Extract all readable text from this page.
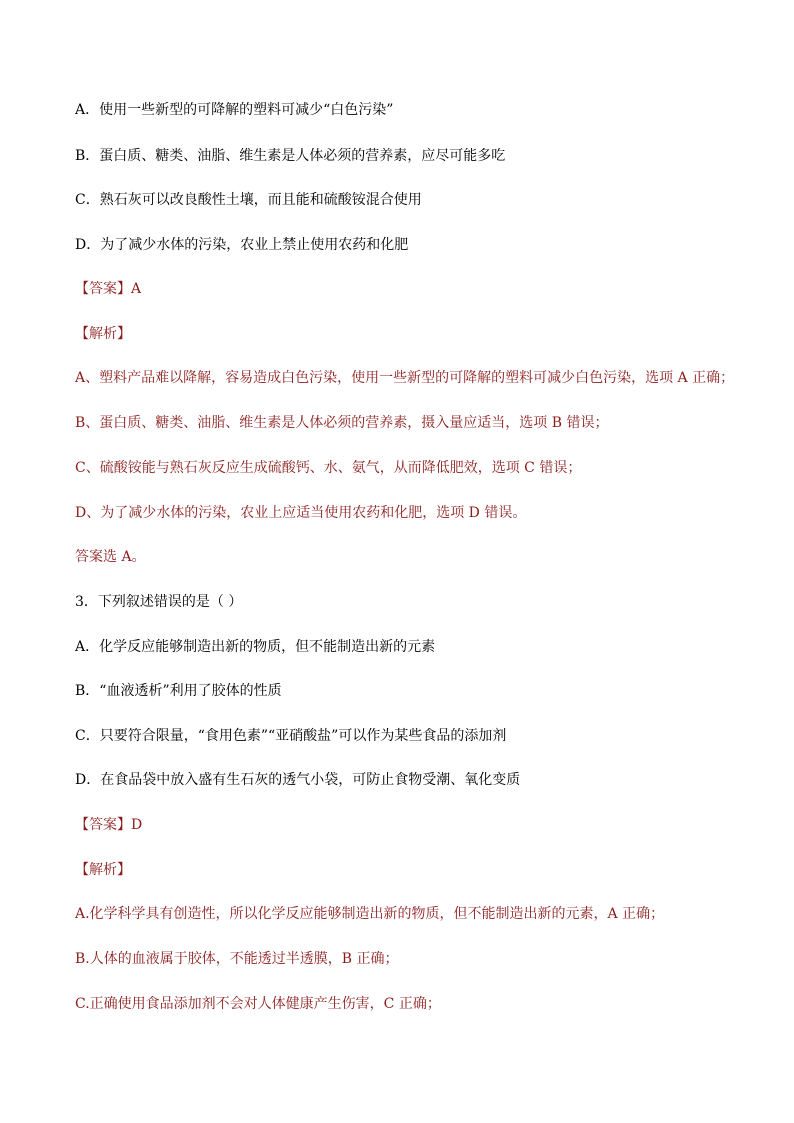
A．使用一些新型的可降解的塑料可减少“白色污染”
B．蛋白质、糖类、油脂、维生素是人体必须的营养素，应尽可能多吃
C．熟石灰可以改良酸性土壤，而且能和硫酸铵混合使用
D．为了减少水体的污染，农业上禁止使用农药和化肥
【答案】A
【解析】
A、塑料产品难以降解，容易造成白色污染，使用一些新型的可降解的塑料可减少白色污染，选项 A 正确；
B、蛋白质、糖类、油脂、维生素是人体必须的营养素，摄入量应适当，选项 B 错误；
C、硫酸铵能与熟石灰反应生成硫酸钙、水、氨气，从而降低肥效，选项 C 错误；
D、为了减少水体的污染，农业上应适当使用农药和化肥，选项 D 错误。
答案选 A。
3．下列叙述错误的是（ ）
A．化学反应能够制造出新的物质，但不能制造出新的元素
B．“血液透析”利用了胶体的性质
C．只要符合限量，“食用色素”“亚硝酸盐”可以作为某些食品的添加剂
D．在食品袋中放入盛有生石灰的透气小袋，可防止食物受潮、氧化变质
【答案】D
【解析】
A.化学科学具有创造性，所以化学反应能够制造出新的物质，但不能制造出新的元素，A 正确；
B.人体的血液属于胶体，不能透过半透膜，B 正确；
C.正确使用食品添加剂不会对人体健康产生伤害，C 正确；
